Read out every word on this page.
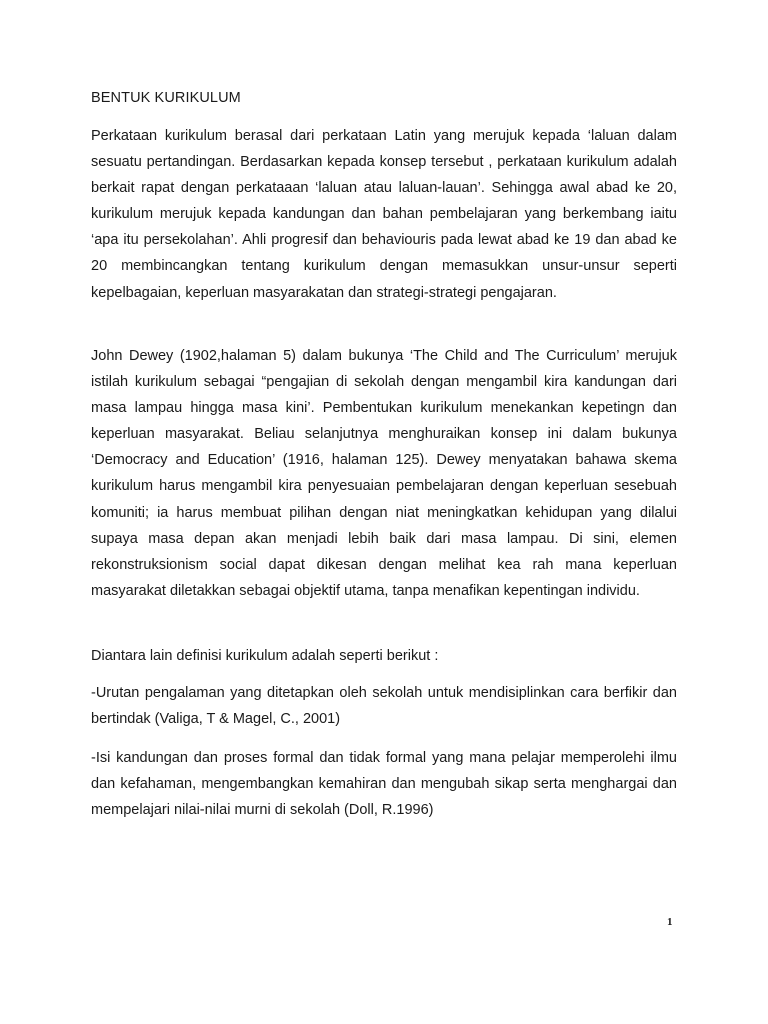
BENTUK KURIKULUM

Perkataan kurikulum berasal dari perkataan Latin yang merujuk kepada ‘laluan dalam sesuatu pertandingan. Berdasarkan kepada konsep tersebut , perkataan kurikulum adalah berkait rapat dengan perkataaan ‘laluan atau laluan-lauan’. Sehingga awal abad ke 20, kurikulum merujuk kepada kandungan dan bahan pembelajaran yang berkembang iaitu ‘apa itu persekolahan’. Ahli progresif dan behaviouris pada lewat abad ke 19 dan abad ke 20 membincangkan tentang kurikulum dengan memasukkan unsur-unsur seperti kepelbagaian, keperluan masyarakatan dan strategi-strategi pengajaran.

John Dewey (1902,halaman 5) dalam bukunya ‘The Child and The Curriculum’ merujuk istilah kurikulum sebagai “pengajian di sekolah dengan mengambil kira kandungan dari masa lampau hingga masa kini’. Pembentukan kurikulum menekankan kepetingn dan keperluan masyarakat. Beliau selanjutnya menghuraikan konsep ini dalam bukunya ‘Democracy and Education’ (1916, halaman 125). Dewey menyatakan bahawa skema kurikulum harus mengambil kira penyesuaian pembelajaran dengan keperluan sesebuah komuniti; ia harus membuat pilihan dengan niat meningkatkan kehidupan yang dilalui supaya masa depan akan menjadi lebih baik dari masa lampau. Di sini, elemen rekonstruksionism social dapat dikesan dengan melihat kea rah mana keperluan masyarakat diletakkan sebagai objektif utama, tanpa menafikan kepentingan individu.

Diantara lain definisi kurikulum adalah seperti berikut :

-Urutan pengalaman yang ditetapkan oleh sekolah untuk mendisiplinkan cara berfikir dan bertindak (Valiga, T & Magel, C., 2001)

-Isi kandungan dan proses formal dan tidak formal yang mana pelajar memperolehi ilmu dan kefahaman, mengembangkan kemahiran dan mengubah sikap serta menghargai dan mempelajari nilai-nilai murni di sekolah (Doll, R.1996)

1
